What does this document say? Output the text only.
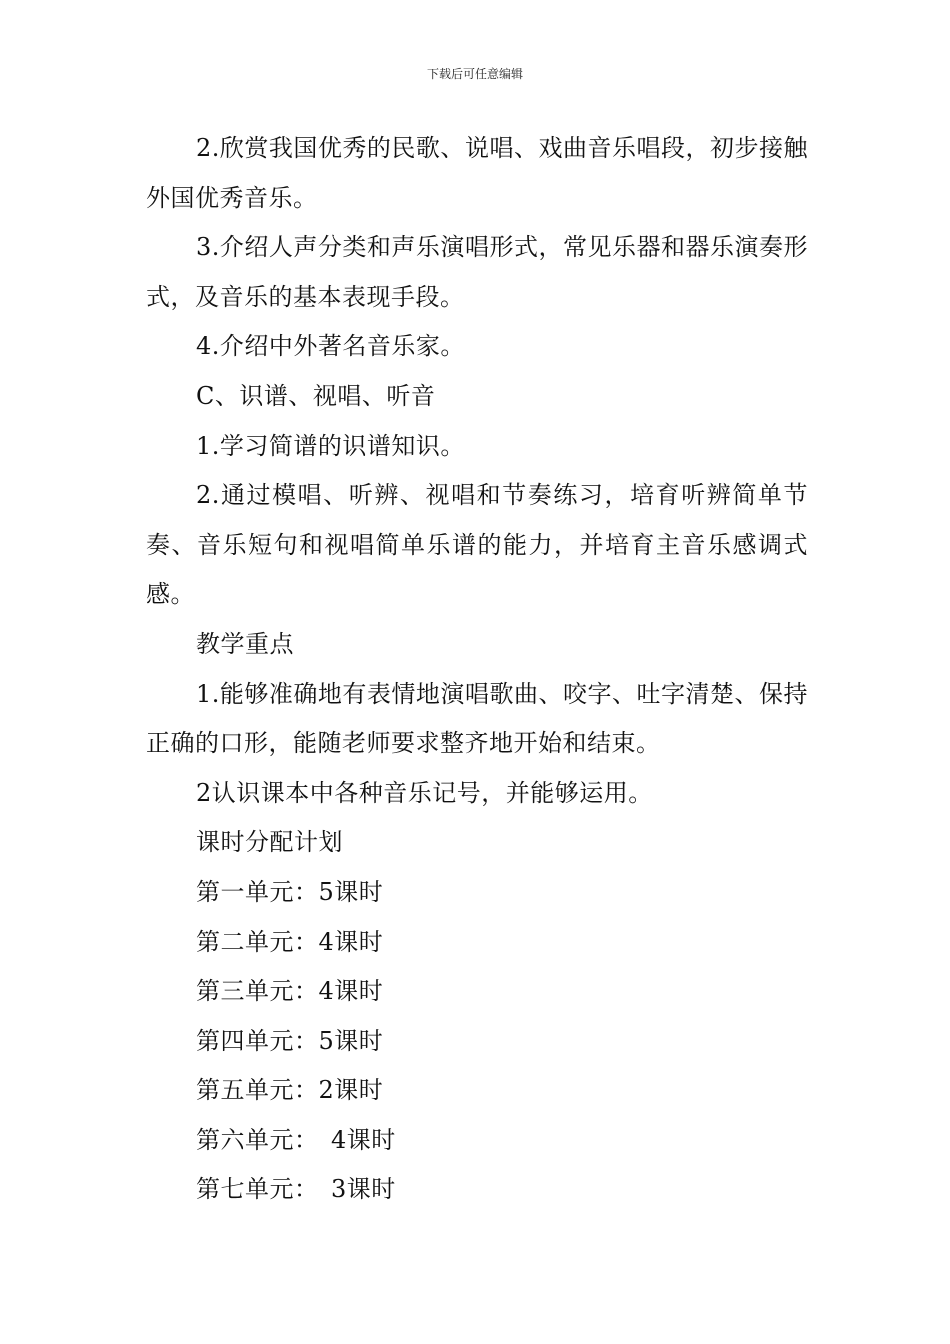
下载后可任意编辑

2.欣赏我国优秀的民歌、说唱、戏曲音乐唱段，初步接触外国优秀音乐。

3.介绍人声分类和声乐演唱形式，常见乐器和器乐演奏形式，及音乐的基本表现手段。

4.介绍中外著名音乐家。

C、识谱、视唱、听音

1.学习简谱的识谱知识。

2.通过模唱、听辨、视唱和节奏练习，培育听辨简单节奏、音乐短句和视唱简单乐谱的能力，并培育主音乐感调式感。

教学重点

1.能够准确地有表情地演唱歌曲、咬字、吐字清楚、保持正确的口形，能随老师要求整齐地开始和结束。

2认识课本中各种音乐记号，并能够运用。

课时分配计划

第一单元：5课时

第二单元：4课时

第三单元：4课时

第四单元：5课时

第五单元：2课时

第六单元：　4课时

第七单元：　3课时
